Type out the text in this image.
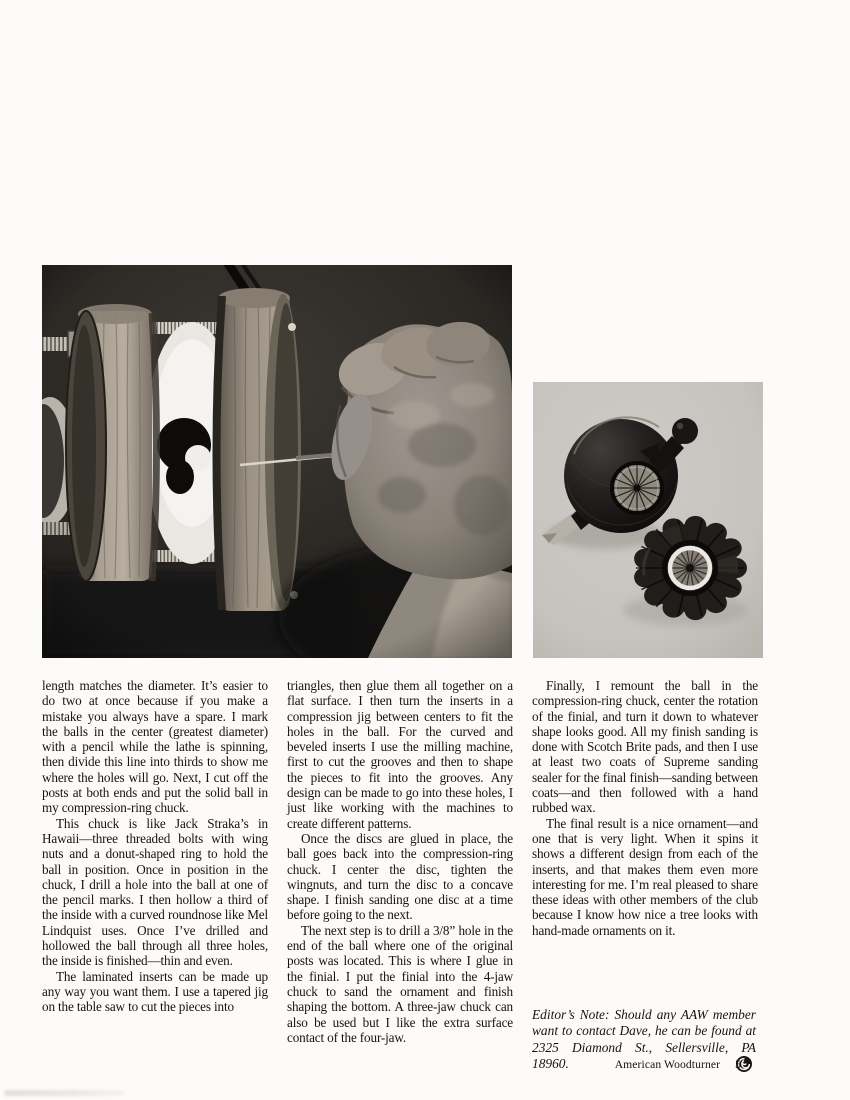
length matches the diameter. It’s easier to do two at once because if you make a mistake you always have a spare. I mark the balls in the center (greatest diameter) with a pencil while the lathe is spinning, then divide this line into thirds to show me where the holes will go. Next, I cut off the posts at both ends and put the solid ball in my compression-ring chuck.

This chuck is like Jack Straka’s in Hawaii—three threaded bolts with wing nuts and a donut-shaped ring to hold the ball in position. Once in position in the chuck, I drill a hole into the ball at one of the pencil marks. I then hollow a third of the inside with a curved roundnose like Mel Lindquist uses. Once I’ve drilled and hollowed the ball through all three holes, the inside is finished—thin and even.

The laminated inserts can be made up any way you want them. I use a tapered jig on the table saw to cut the pieces into

triangles, then glue them all together on a flat surface. I then turn the inserts in a compression jig between centers to fit the holes in the ball. For the curved and beveled inserts I use the milling machine, first to cut the grooves and then to shape the pieces to fit into the grooves. Any design can be made to go into these holes, I just like working with the machines to create different patterns.

Once the discs are glued in place, the ball goes back into the compression-ring chuck. I center the disc, tighten the wingnuts, and turn the disc to a concave shape. I finish sanding one disc at a time before going to the next.

The next step is to drill a 3/8” hole in the end of the ball where one of the original posts was located. This is where I glue in the finial. I put the finial into the 4-jaw chuck to sand the ornament and finish shaping the bottom. A three-jaw chuck can also be used but I like the extra surface contact of the four-jaw.

Finally, I remount the ball in the compression-ring chuck, center the rotation of the finial, and turn it down to whatever shape looks good. All my finish sanding is done with Scotch Brite pads, and then I use at least two coats of Supreme sanding sealer for the final finish—sanding between coats—and then followed with a hand rubbed wax.

The final result is a nice ornament—and one that is very light. When it spins it shows a different design from each of the inserts, and that makes them even more interesting for me. I’m real pleased to share these ideas with other members of the club because I know how nice a tree looks with hand-made ornaments on it.

Editor’s Note: Should any AAW member want to contact Dave, he can be found at 2325 Diamond St., Sellersville, PA 18960.	American Woodturner 5
